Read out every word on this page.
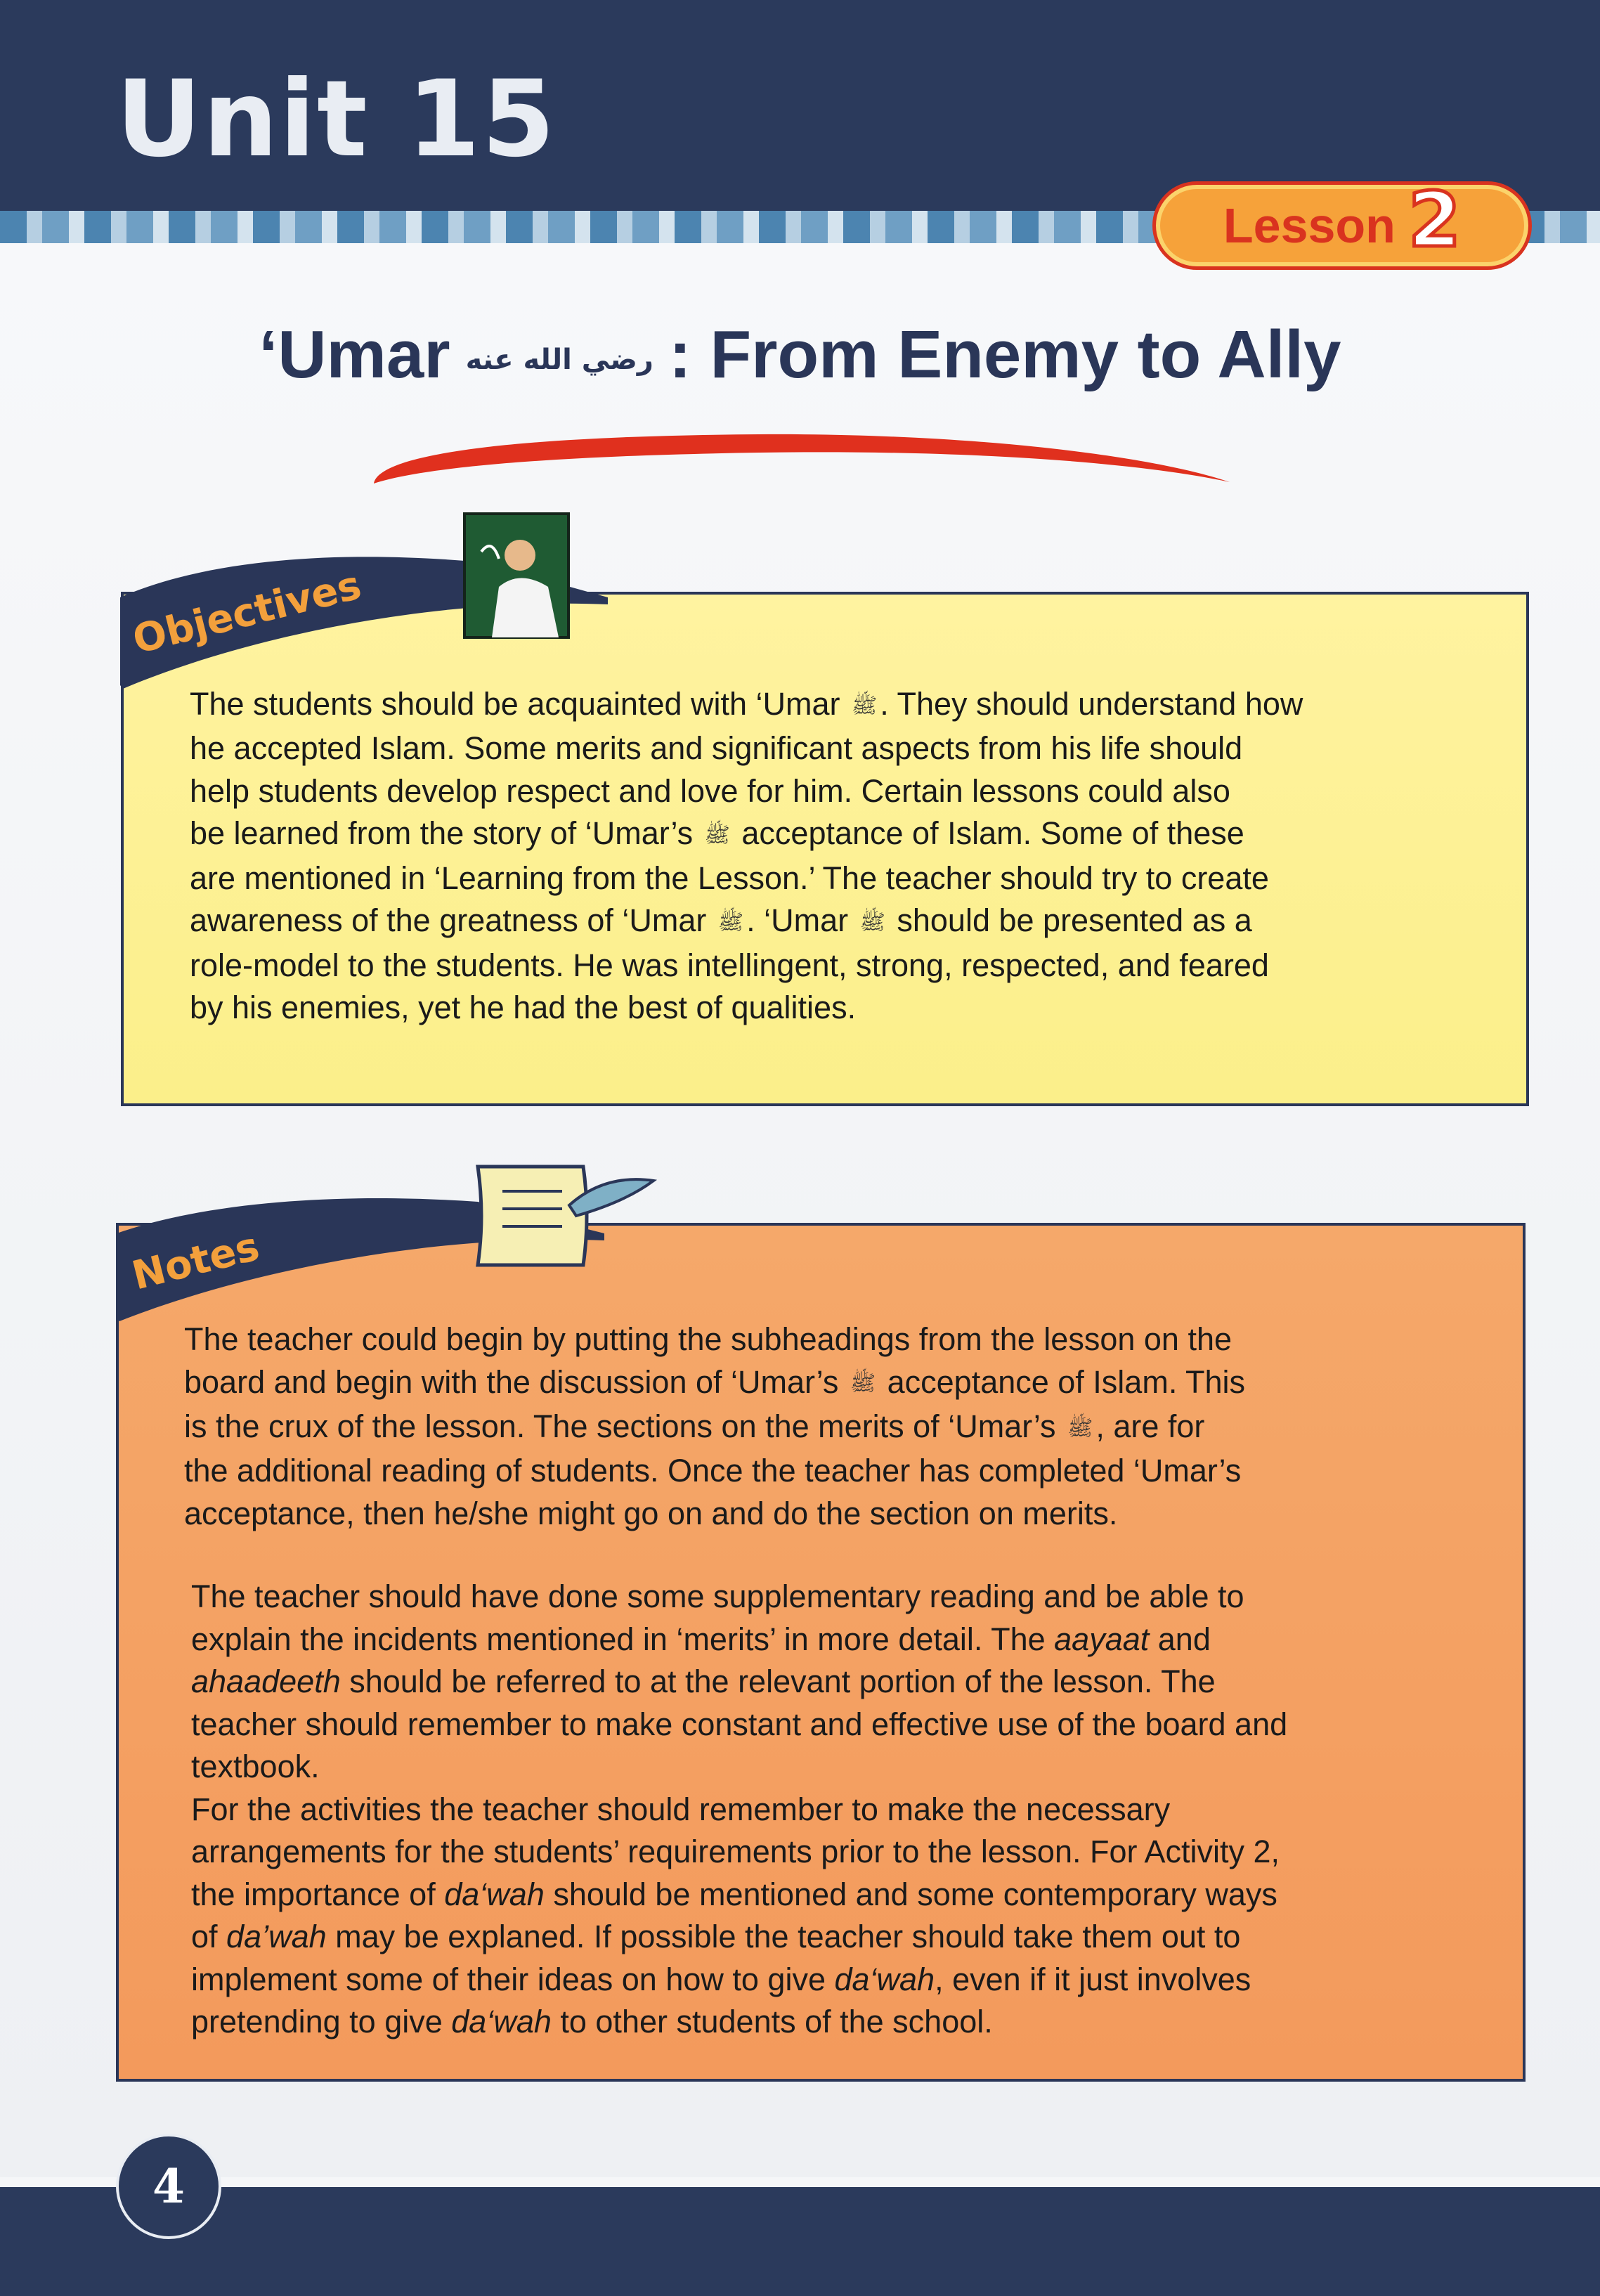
Unit 15
Lesson 2
‘Umar رضي الله عنه : From Enemy to Ally
Objectives

The students should be acquainted with ‘Umar ﷺ. They should understand how

he accepted Islam. Some merits and significant aspects from his life should

help students develop respect and love for him. Certain lessons could also

be learned from the story of ‘Umar’s ﷺ acceptance of Islam. Some of these

are mentioned in ‘Learning from the Lesson.’ The teacher should try to create

awareness of the greatness of ‘Umar ﷺ. ‘Umar ﷺ should be presented as a

role-model to the students. He was intellingent, strong, respected, and feared

by his enemies, yet he had the best of qualities.

Notes

The teacher could begin by putting the subheadings from the lesson on the

board and begin with the discussion of ‘Umar’s ﷺ acceptance of Islam. This

is the crux of the lesson. The sections on the merits of ‘Umar’s ﷺ, are for

the additional reading of students. Once the teacher has completed ‘Umar’s

acceptance, then he/she might go on and do the section on merits.

The teacher should have done some supplementary reading and be able to

explain the incidents mentioned in ‘merits’ in more detail. The aayaat and

ahaadeeth should be referred to at the relevant portion of the lesson. The

teacher should remember to make constant and effective use of the board and

textbook.

For the activities the teacher should remember to make the necessary

arrangements for the students’ requirements prior to the lesson. For Activity 2,

the importance of da‘wah should be mentioned and some contemporary ways

of da’wah may be explaned. If possible the teacher should take them out to

implement some of their ideas on how to give da‘wah, even if it just involves

pretending to give da‘wah to other students of the school.

4
